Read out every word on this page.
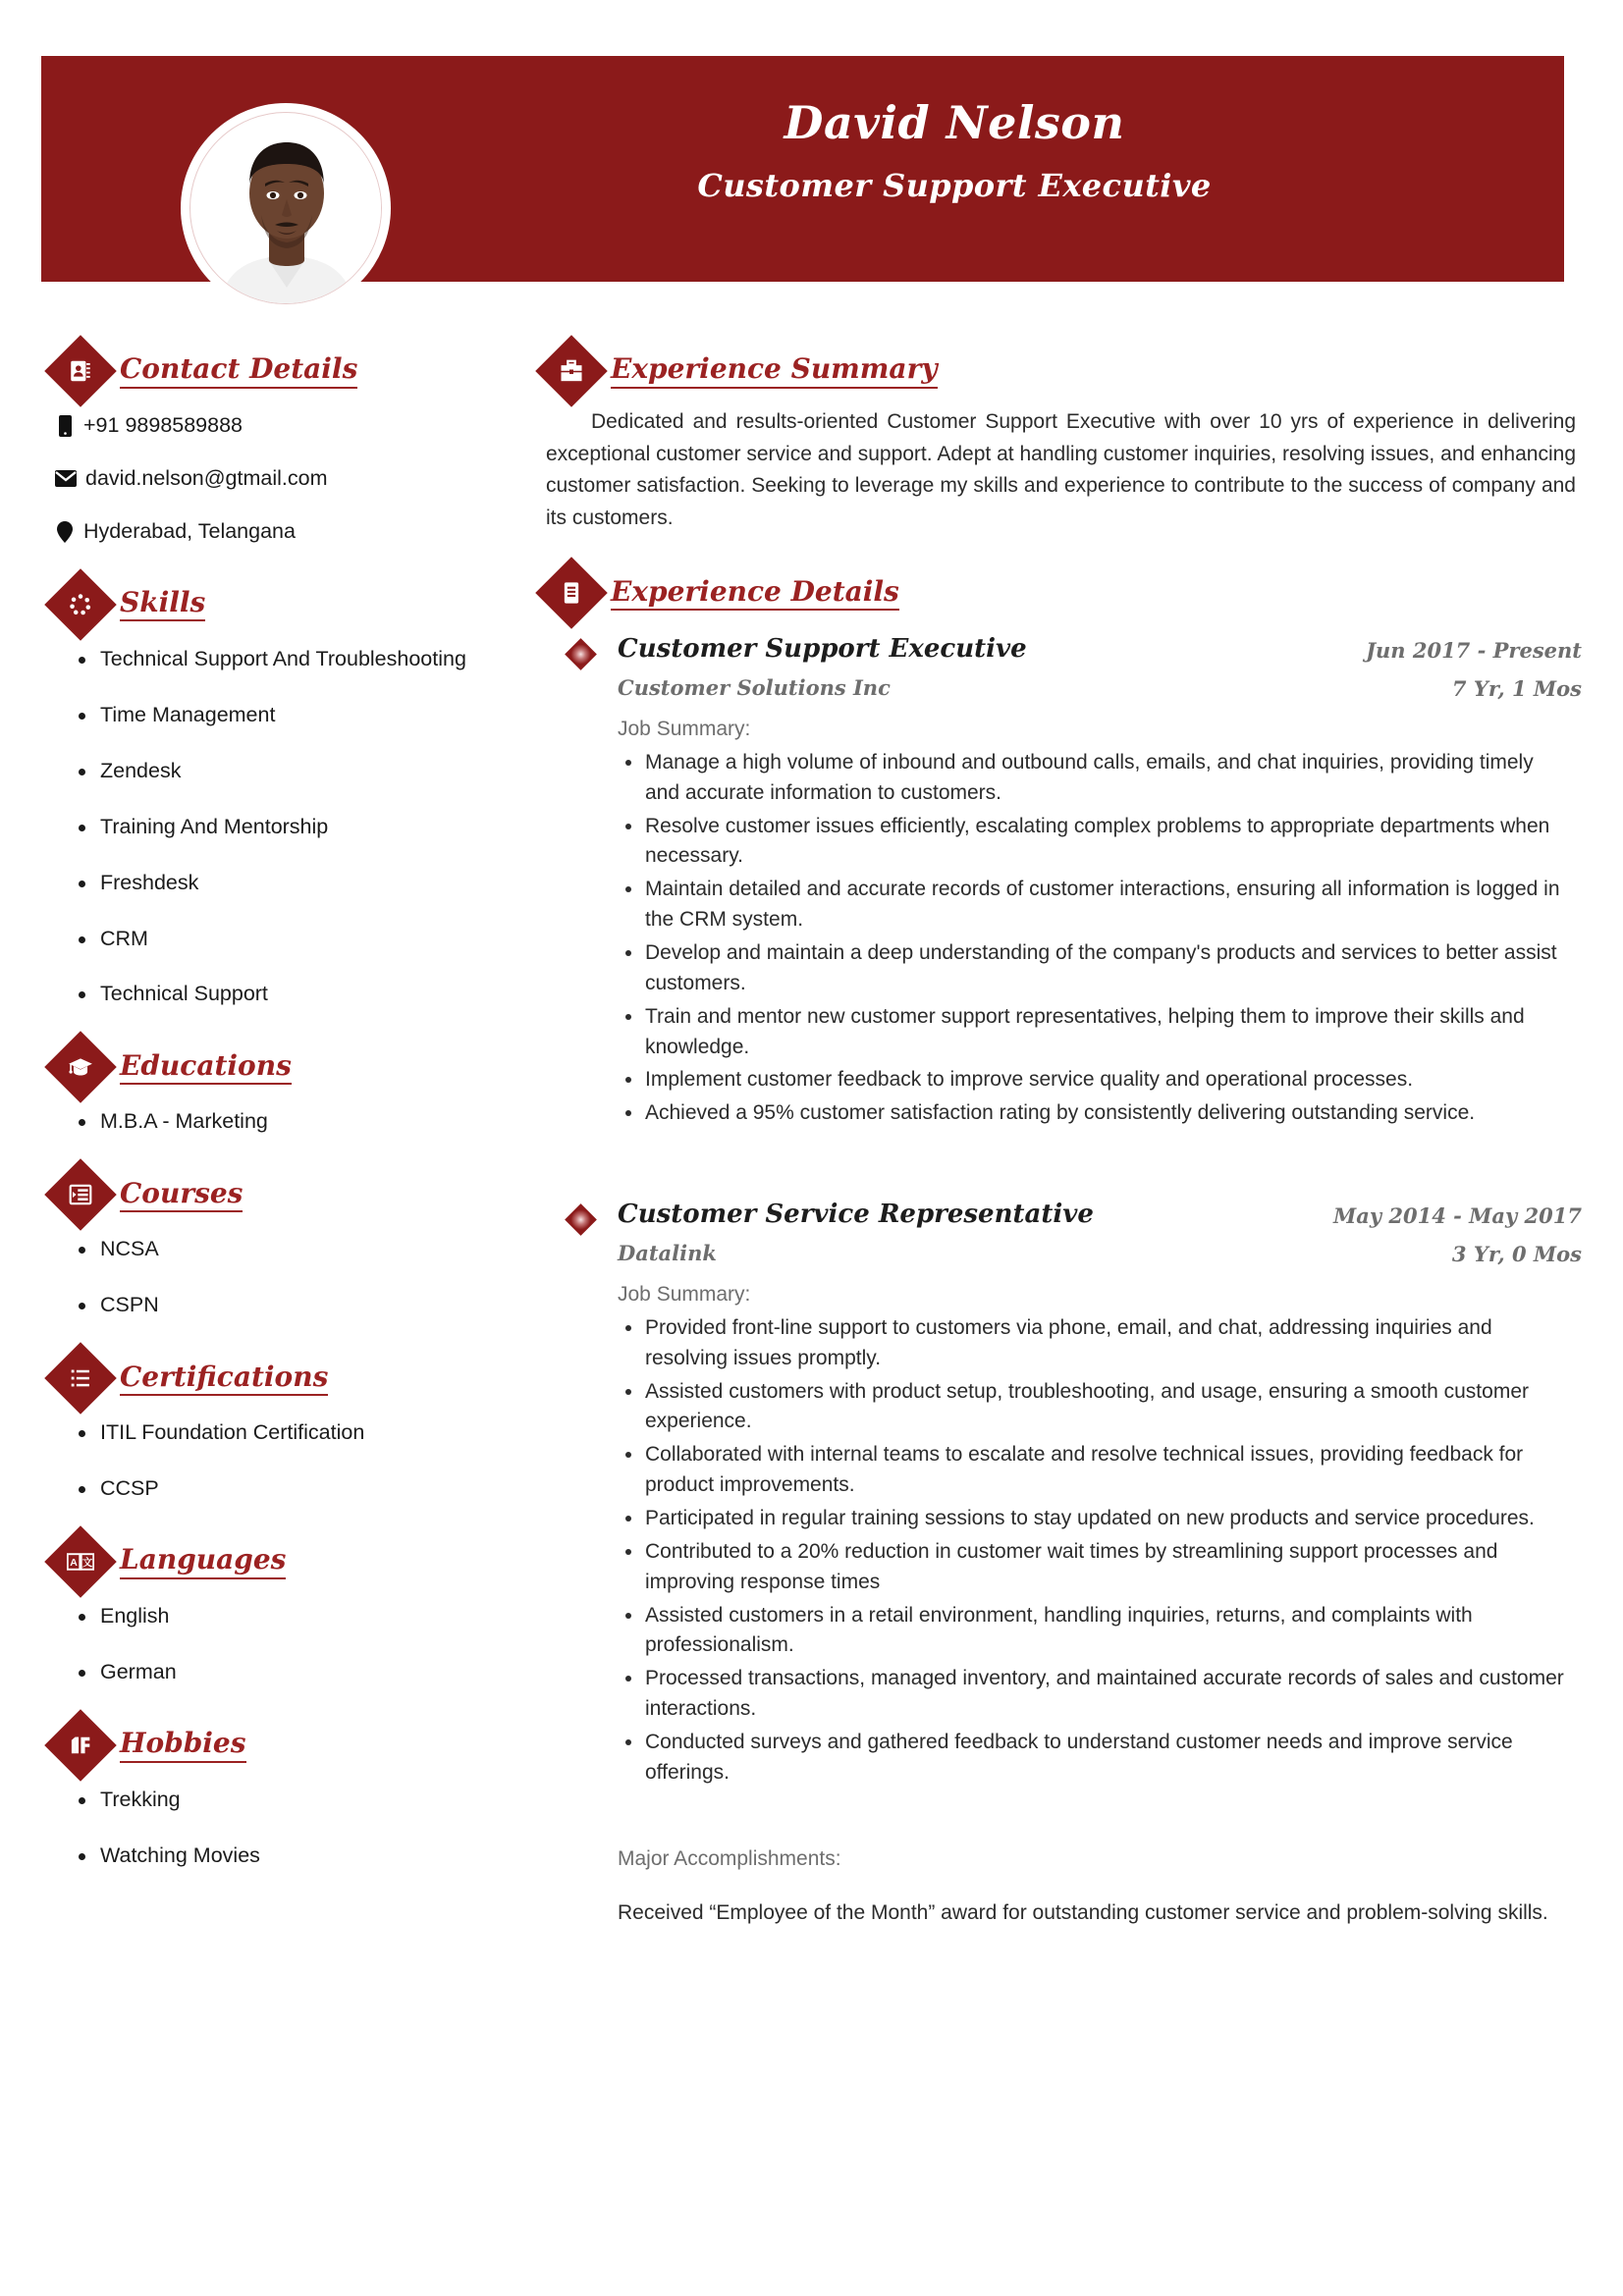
David Nelson
Customer Support Executive
Contact Details
+91 9898589888
david.nelson@gtmail.com
Hyderabad, Telangana
Skills
Technical Support And Troubleshooting
Time Management
Zendesk
Training And Mentorship
Freshdesk
CRM
Technical Support
Educations
M.B.A - Marketing
Courses
NCSA
CSPN
Certifications
ITIL Foundation Certification
CCSP
A 文 Languages
English
German
Hobbies
Trekking
Watching Movies
Experience Summary
Dedicated and results-oriented Customer Support Executive with over 10 yrs of experience in delivering exceptional customer service and support. Adept at handling customer inquiries, resolving issues, and enhancing customer satisfaction. Seeking to leverage my skills and experience to contribute to the success of company and its customers.
Experience Details
Customer Support Executive
Customer Solutions Inc
Jun 2017 - Present
7 Yr, 1 Mos
Job Summary:
Manage a high volume of inbound and outbound calls, emails, and chat inquiries, providing timely and accurate information to customers.
Resolve customer issues efficiently, escalating complex problems to appropriate departments when necessary.
Maintain detailed and accurate records of customer interactions, ensuring all information is logged in the CRM system.
Develop and maintain a deep understanding of the company's products and services to better assist customers.
Train and mentor new customer support representatives, helping them to improve their skills and knowledge.
Implement customer feedback to improve service quality and operational processes.
Achieved a 95% customer satisfaction rating by consistently delivering outstanding service.
Customer Service Representative
Datalink
May 2014 - May 2017
3 Yr, 0 Mos
Job Summary:
Provided front-line support to customers via phone, email, and chat, addressing inquiries and resolving issues promptly.
Assisted customers with product setup, troubleshooting, and usage, ensuring a smooth customer experience.
Collaborated with internal teams to escalate and resolve technical issues, providing feedback for product improvements.
Participated in regular training sessions to stay updated on new products and service procedures.
Contributed to a 20% reduction in customer wait times by streamlining support processes and improving response times
Assisted customers in a retail environment, handling inquiries, returns, and complaints with professionalism.
Processed transactions, managed inventory, and maintained accurate records of sales and customer interactions.
Conducted surveys and gathered feedback to understand customer needs and improve service offerings.
Major Accomplishments:
Received “Employee of the Month” award for outstanding customer service and problem-solving skills.
